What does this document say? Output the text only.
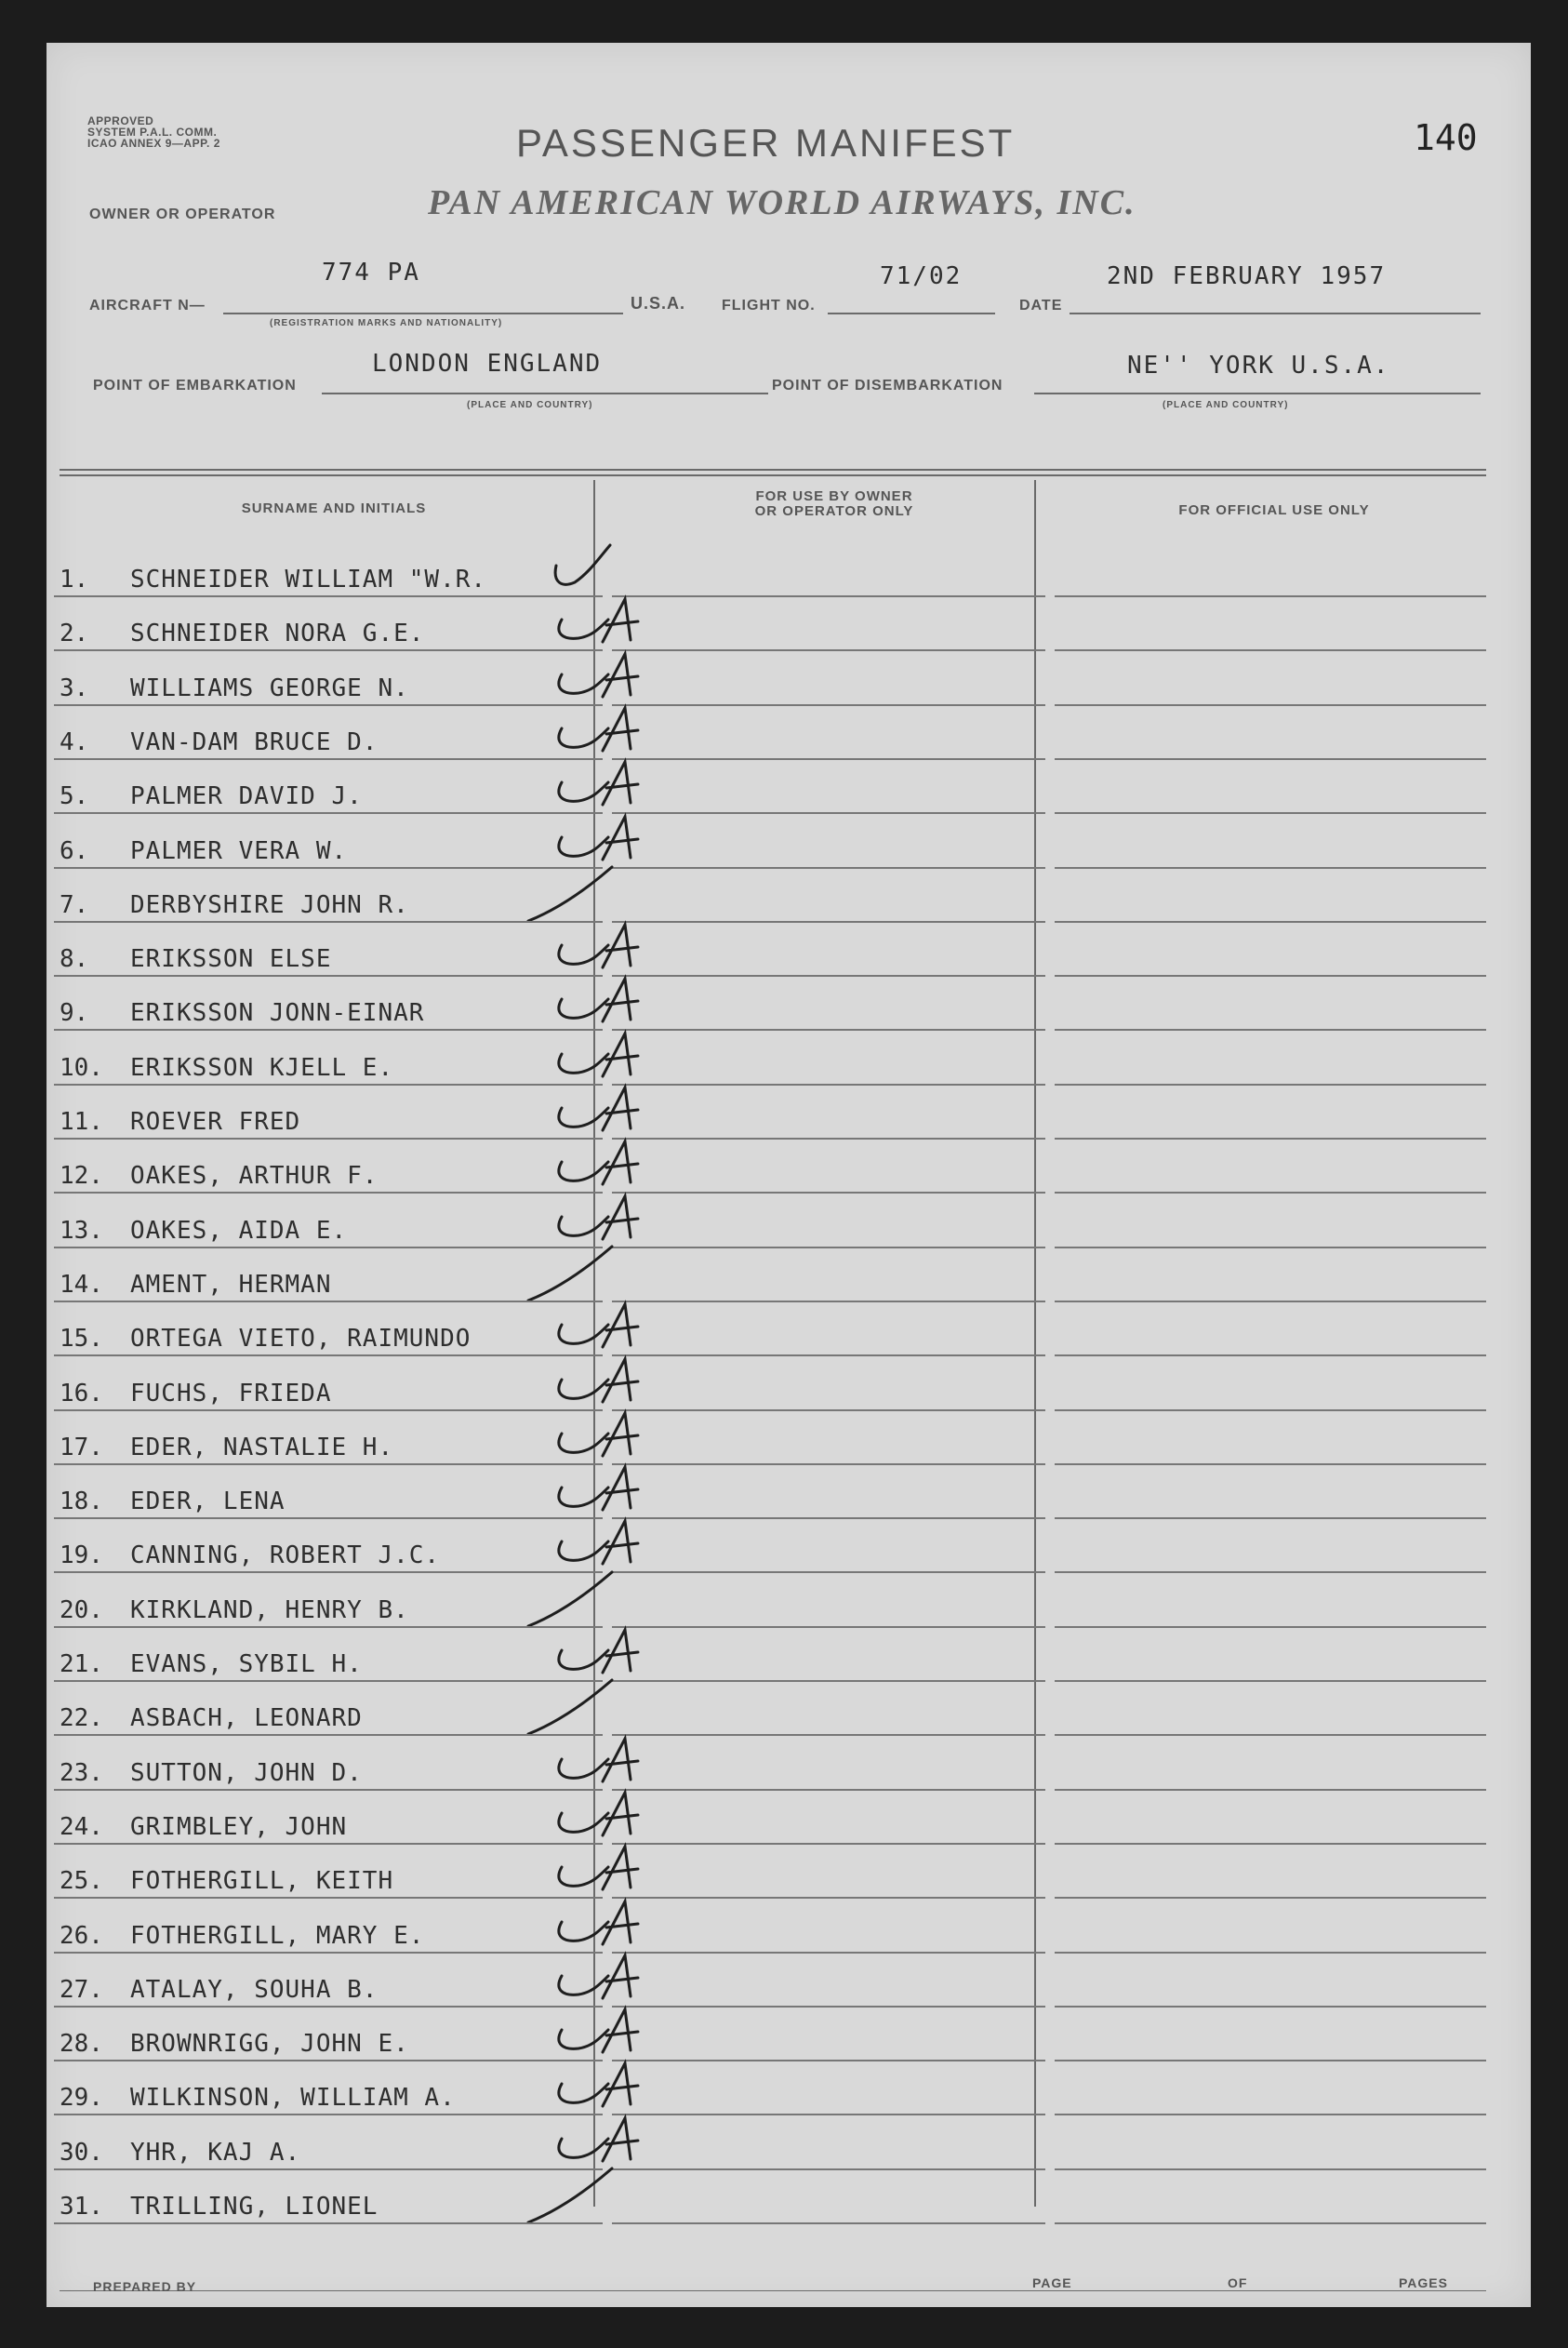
APPROVED
SYSTEM P.A.L. COMM.
ICAO ANNEX 9—APP. 2	PASSENGER MANIFEST	140
OWNER OR OPERATOR	PAN AMERICAN WORLD AIRWAYS, INC.
AIRCRAFT N—
774 PA
(REGISTRATION MARKS AND NATIONALITY)
U.S.A. FLIGHT NO.
71/02
DATE
2ND FEBRUARY 1957
POINT OF EMBARKATION
LONDON ENGLAND
(PLACE AND COUNTRY)
POINT OF DISEMBARKATION
NE'' YORK U.S.A.
(PLACE AND COUNTRY)
SURNAME AND INITIALS
FOR USE BY OWNER
OR OPERATOR ONLY	FOR OFFICIAL USE ONLY
1. SCHNEIDER WILLIAM "W.R.
2. SCHNEIDER NORA G.E.
3. WILLIAMS GEORGE N.
4. VAN-DAM BRUCE D.
5. PALMER DAVID J.
6. PALMER VERA W.
7. DERBYSHIRE JOHN R.
8. ERIKSSON ELSE
9. ERIKSSON JONN-EINAR
10. ERIKSSON KJELL E.
11. ROEVER FRED
12. OAKES, ARTHUR F.
13. OAKES, AIDA E.
14. AMENT, HERMAN
15. ORTEGA VIETO, RAIMUNDO
16. FUCHS, FRIEDA
17. EDER, NASTALIE H.
18. EDER, LENA
19. CANNING, ROBERT J.C.
20. KIRKLAND, HENRY B.
21. EVANS, SYBIL H.
22. ASBACH, LEONARD
23. SUTTON, JOHN D.
24. GRIMBLEY, JOHN
25. FOTHERGILL, KEITH
26. FOTHERGILL, MARY E.
27. ATALAY, SOUHA B.
28. BROWNRIGG, JOHN E.
29. WILKINSON, WILLIAM A.
30. YHR, KAJ A.
31. TRILLING, LIONEL
PREPARED BY	PAGE	OF	PAGES
